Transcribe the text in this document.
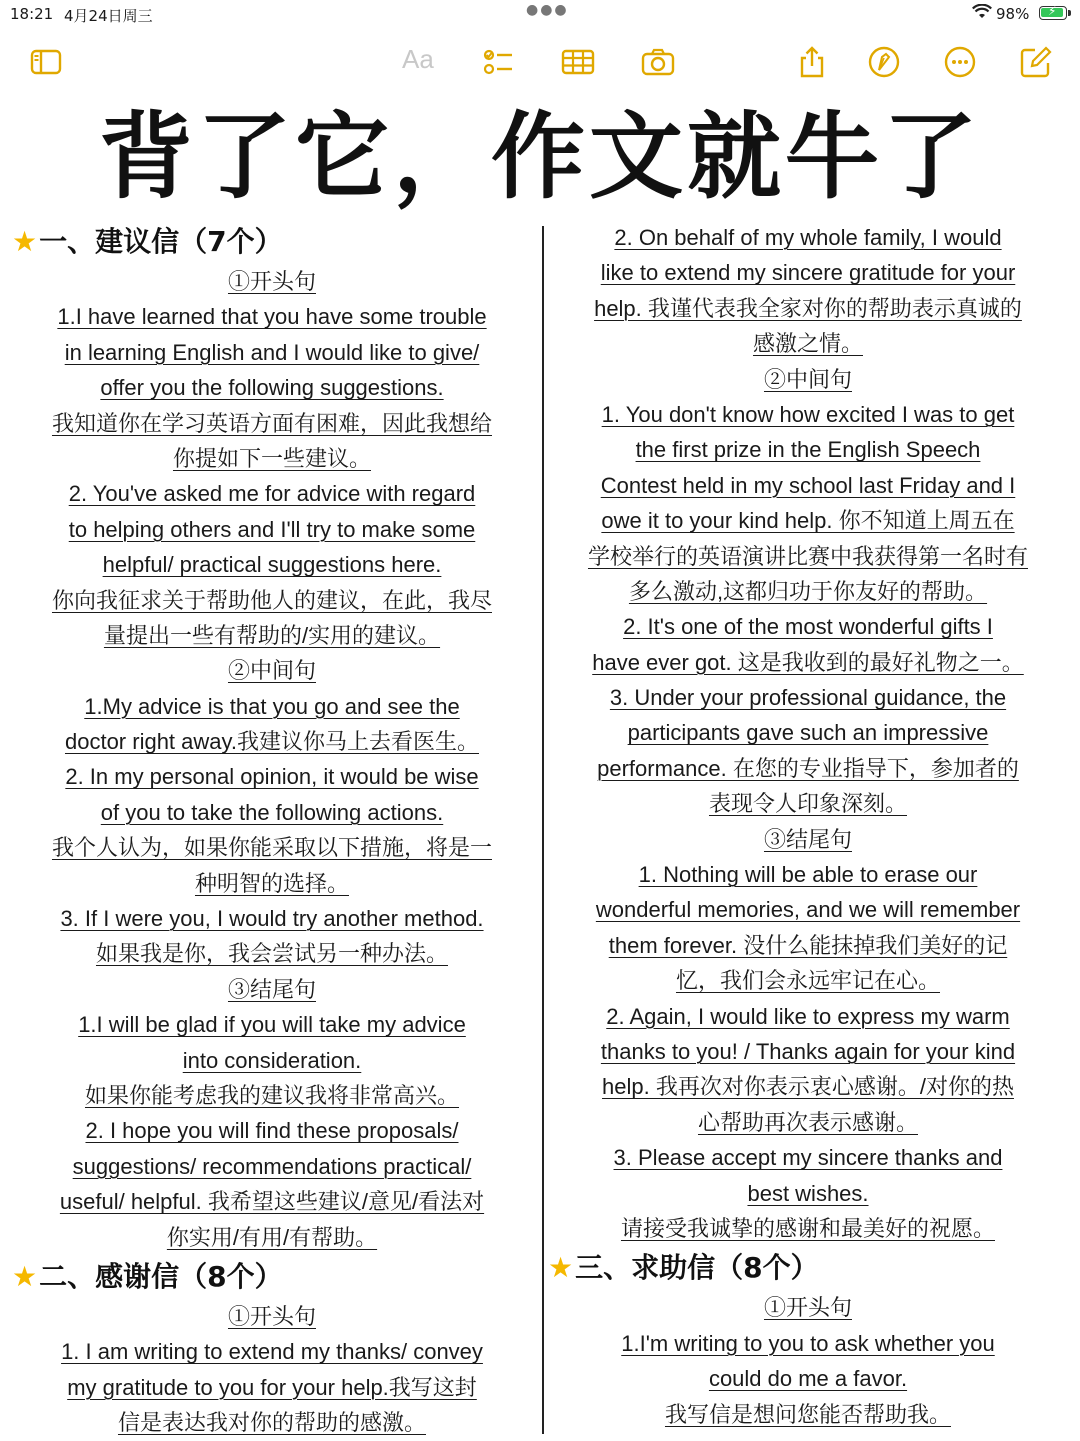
18:21 4月24日周三	●●●	98% ⚡
Aa
背了它，作文就牛了
★ 一、建议信（7个）
①开头句
1.I have learned that you have some trouble
in learning English and I would like to give/
offer you the following suggestions.
我知道你在学习英语方面有困难，因此我想给
你提如下一些建议。
2. You've asked me for advice with regard
to helping others and I'll try to make some
helpful/ practical suggestions here.
你向我征求关于帮助他人的建议，在此，我尽
量提出一些有帮助的/实用的建议。
②中间句
1.My advice is that you go and see the
doctor right away.我建议你马上去看医生。
2. In my personal opinion, it would be wise
of you to take the following actions.
我个人认为，如果你能采取以下措施，将是一
种明智的选择。
3. If I were you, I would try another method.
如果我是你，我会尝试另一种办法。
③结尾句
1.I will be glad if you will take my advice
into consideration.
如果你能考虑我的建议我将非常高兴。
2. I hope you will find these proposals/
suggestions/ recommendations practical/
useful/ helpful. 我希望这些建议/意见/看法对
你实用/有用/有帮助。
★ 二、感谢信（8个）
①开头句
1. I am writing to extend my thanks/ convey
my gratitude to you for your help.我写这封
信是表达我对你的帮助的感激。
2. On behalf of my whole family, I would
like to extend my sincere gratitude for your
help. 我谨代表我全家对你的帮助表示真诚的
感激之情。
②中间句
1. You don't know how excited I was to get
the first prize in the English Speech
Contest held in my school last Friday and I
owe it to your kind help. 你不知道上周五在
学校举行的英语演讲比赛中我获得第一名时有
多么激动,这都归功于你友好的帮助。
2. It's one of the most wonderful gifts I
have ever got. 这是我收到的最好礼物之一。
3. Under your professional guidance, the
participants gave such an impressive
performance. 在您的专业指导下，参加者的
表现令人印象深刻。
③结尾句
1. Nothing will be able to erase our
wonderful memories, and we will remember
them forever. 没什么能抹掉我们美好的记
忆，我们会永远牢记在心。
2. Again, I would like to express my warm
thanks to you! / Thanks again for your kind
help. 我再次对你表示衷心感谢。/对你的热
心帮助再次表示感谢。
3. Please accept my sincere thanks and
best wishes.
请接受我诚挚的感谢和最美好的祝愿。
★ 三、求助信（8个）
①开头句
1.I'm writing to you to ask whether you
could do me a favor.
我写信是想问您能否帮助我。
